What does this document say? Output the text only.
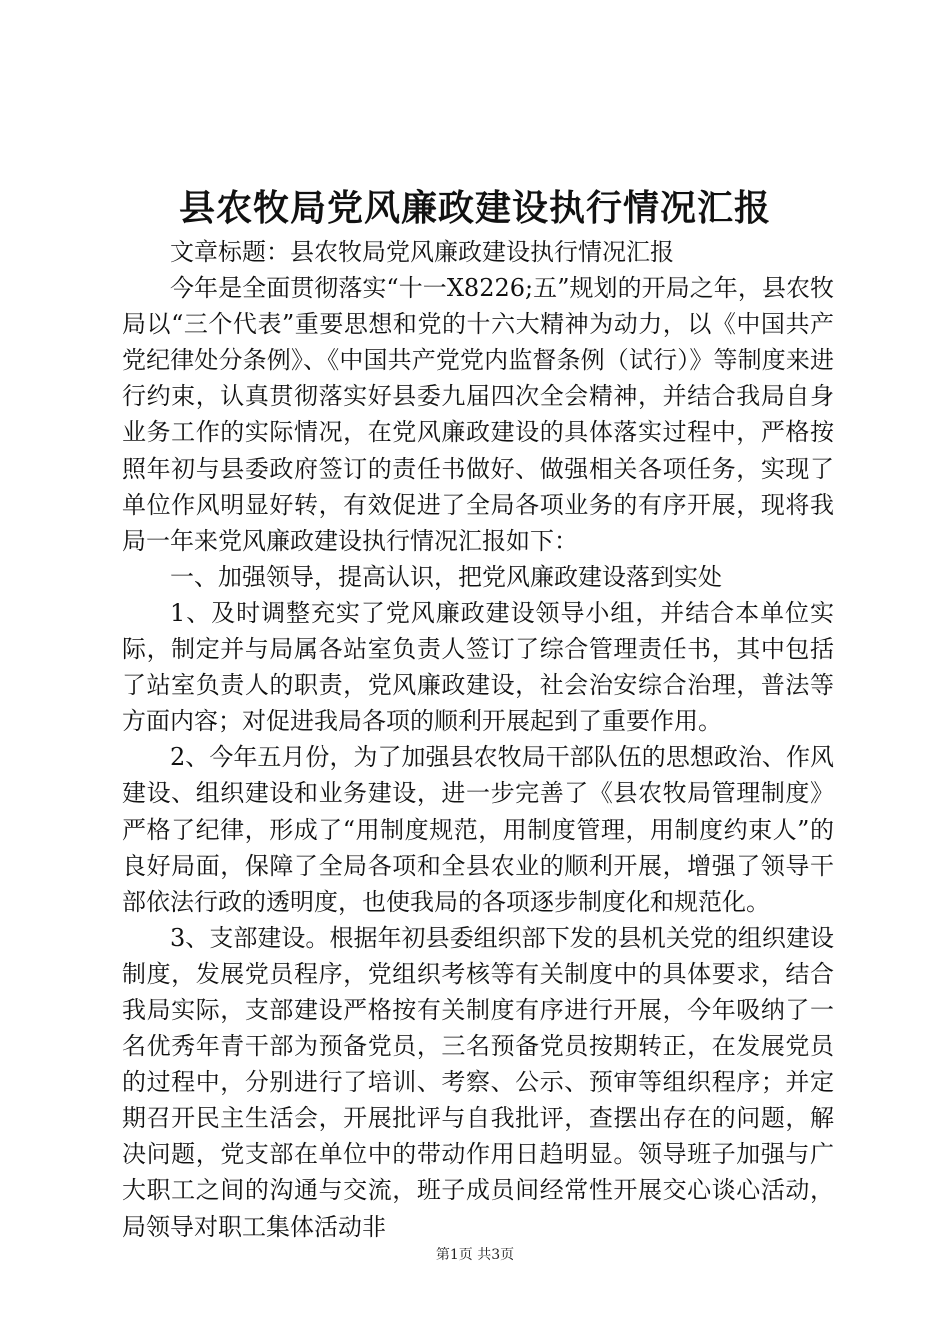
县农牧局党风廉政建设执行情况汇报

文章标题：县农牧局党风廉政建设执行情况汇报

今年是全面贯彻落实“十一X8226;五”规划的开局之年，县农牧局以“三个代表”重要思想和党的十六大精神为动力，以《中国共产党纪律处分条例》、《中国共产党党内监督条例（试行）》等制度来进行约束，认真贯彻落实好县委九届四次全会精神，并结合我局自身业务工作的实际情况，在党风廉政建设的具体落实过程中，严格按照年初与县委政府签订的责任书做好、做强相关各项任务，实现了单位作风明显好转，有效促进了全局各项业务的有序开展，现将我局一年来党风廉政建设执行情况汇报如下：

一、加强领导，提高认识，把党风廉政建设落到实处

1、及时调整充实了党风廉政建设领导小组，并结合本单位实际，制定并与局属各站室负责人签订了综合管理责任书，其中包括了站室负责人的职责，党风廉政建设，社会治安综合治理，普法等方面内容；对促进我局各项的顺利开展起到了重要作用。

2、今年五月份，为了加强县农牧局干部队伍的思想政治、作风建设、组织建设和业务建设，进一步完善了《县农牧局管理制度》严格了纪律，形成了“用制度规范，用制度管理，用制度约束人”的良好局面，保障了全局各项和全县农业的顺利开展，增强了领导干部依法行政的透明度，也使我局的各项逐步制度化和规范化。

3、支部建设。根据年初县委组织部下发的县机关党的组织建设制度，发展党员程序，党组织考核等有关制度中的具体要求，结合我局实际，支部建设严格按有关制度有序进行开展，今年吸纳了一名优秀年青干部为预备党员，三名预备党员按期转正，在发展党员的过程中，分别进行了培训、考察、公示、预审等组织程序；并定期召开民主生活会，开展批评与自我批评，查摆出存在的问题，解决问题，党支部在单位中的带动作用日趋明显。领导班子加强与广大职工之间的沟通与交流，班子成员间经常性开展交心谈心活动，局领导对职工集体活动非

第1页 共3页
